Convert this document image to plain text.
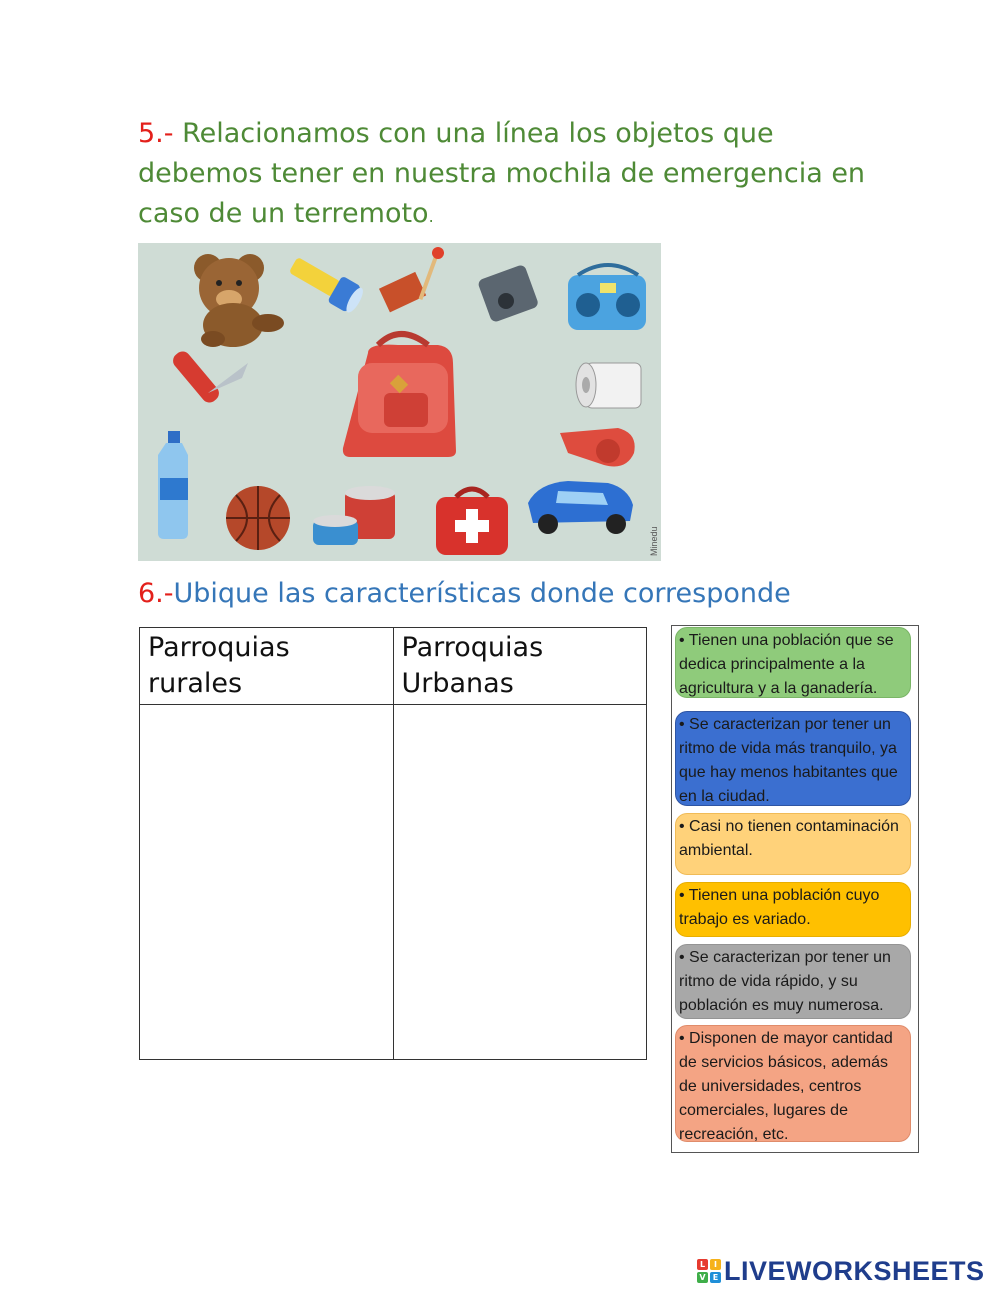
5.- Relacionamos con una línea los objetos que debemos tener en nuestra mochila de emergencia en caso de un terremoto.
Minedu
6.-Ubique las características donde corresponde
Parroquias rurales	Parroquias Urbanas

• Tienen una población que se dedica principalmente a la agricultura y a la ganadería.
• Se caracterizan por tener un ritmo de vida más tranquilo, ya que hay menos habitantes que en la ciudad.
• Casi no tienen contaminación ambiental.
• Tienen una población cuyo trabajo es variado.
• Se caracterizan por tener un ritmo de vida rápido, y su población es muy numerosa.
• Disponen de mayor cantidad de servicios básicos, además de universidades, centros comerciales, lugares de recreación, etc.
L	I
V E LIVEWORKSHEETS
